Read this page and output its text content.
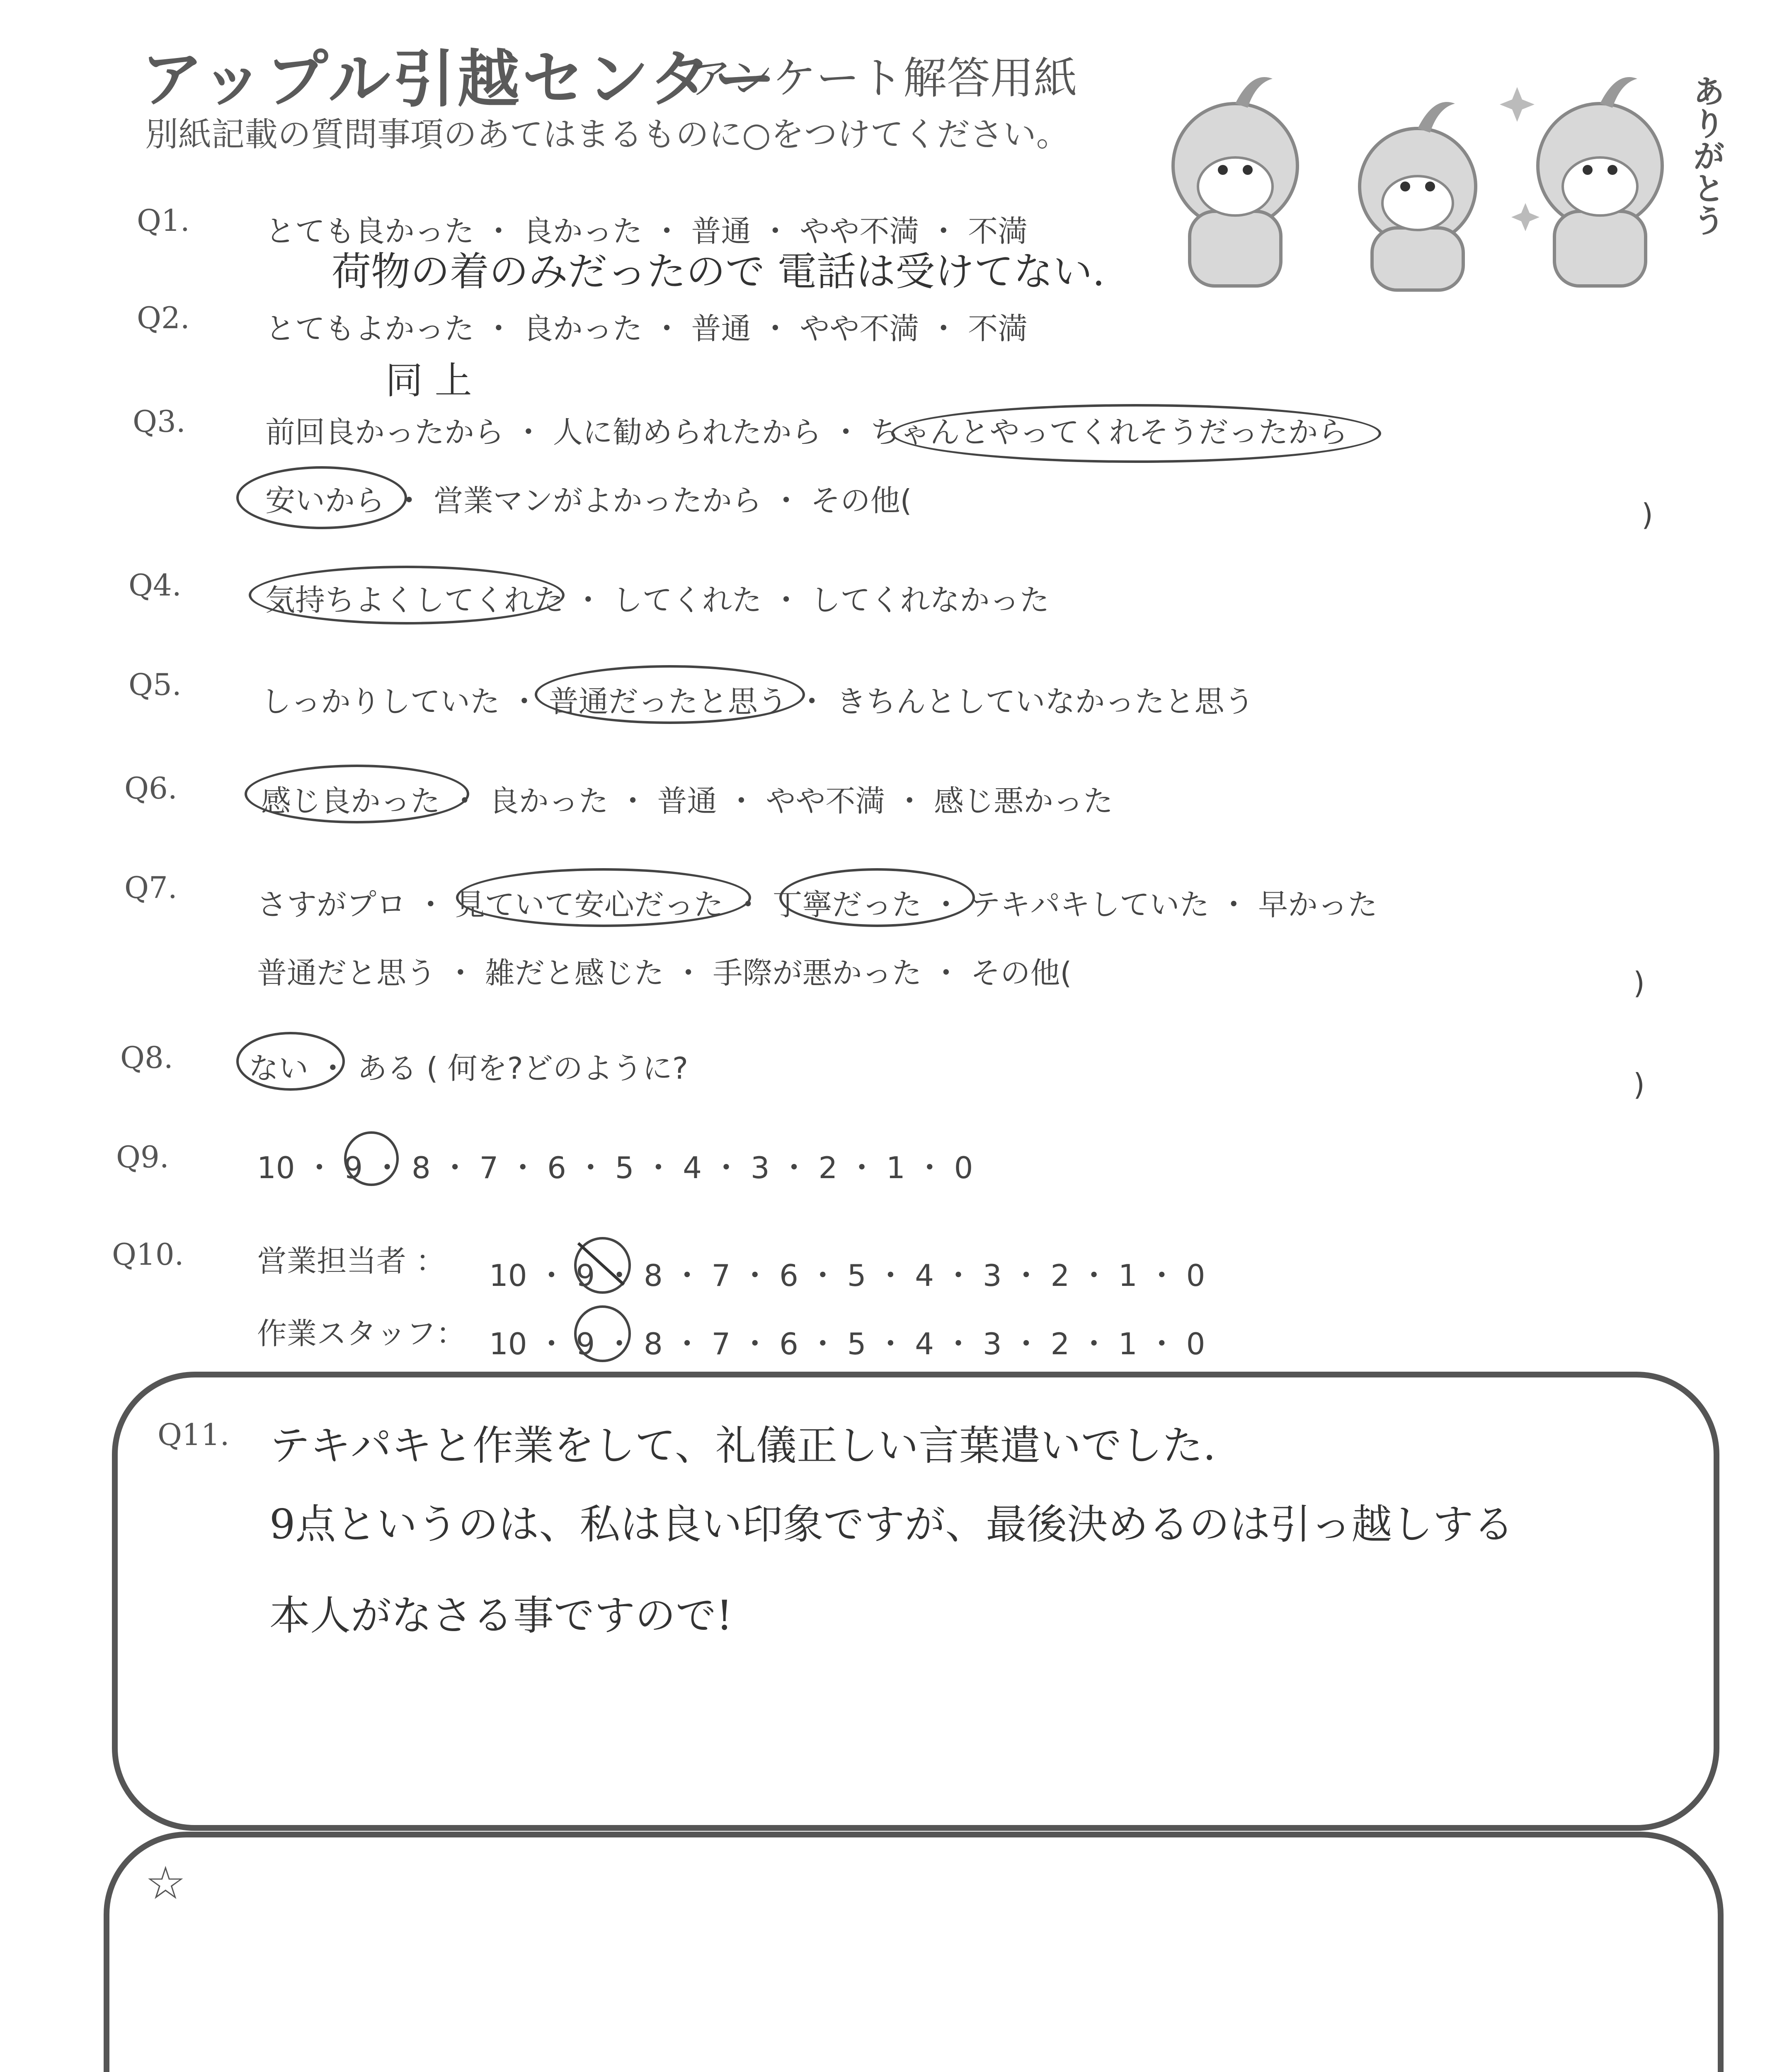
アップル引越センター
アンケート解答用紙
別紙記載の質問事項のあてはまるものに○をつけてください。	ありがとう
Q1.	とても良かった ・ 良かった ・ 普通 ・ やや不満 ・ 不満
荷物の着のみだったので 電話は受けてない.
Q2.	とてもよかった ・ 良かった ・ 普通 ・ やや不満 ・ 不満
同 上
Q3.	前回良かったから ・ 人に勧められたから ・ ちゃんとやってくれそうだったから
安いから ・ 営業マンがよかったから ・ その他(	)
Q4.	気持ちよくしてくれた ・ してくれた ・ してくれなかった
Q5.	しっかりしていた ・ 普通だったと思う ・ きちんとしていなかったと思う
Q6.	感じ良かった ・ 良かった ・ 普通 ・ やや不満 ・ 感じ悪かった
Q7.	さすがプロ ・ 見ていて安心だった ・ 丁寧だった ・ テキパキしていた ・ 早かった
普通だと思う ・ 雑だと感じた ・ 手際が悪かった ・ その他(	)
Q8.	ない ・ ある ( 何を?どのように?	)
Q9.	10 ・ 9 ・ 8 ・ 7 ・ 6 ・ 5 ・ 4 ・ 3 ・ 2 ・ 1 ・ 0
Q10. 営業担当者 ： 10 ・ 9 ・ 8 ・ 7 ・ 6 ・ 5 ・ 4 ・ 3 ・ 2 ・ 1 ・ 0
作業スタッフ： 10 ・ 9 ・ 8 ・ 7 ・ 6 ・ 5 ・ 4 ・ 3 ・ 2 ・ 1 ・ 0
Q11. テキパキと作業をして、礼儀正しい言葉遣いでした.
9点というのは、私は良い印象ですが、最後決めるのは引っ越しする
本人がなさる事ですので!
☆
